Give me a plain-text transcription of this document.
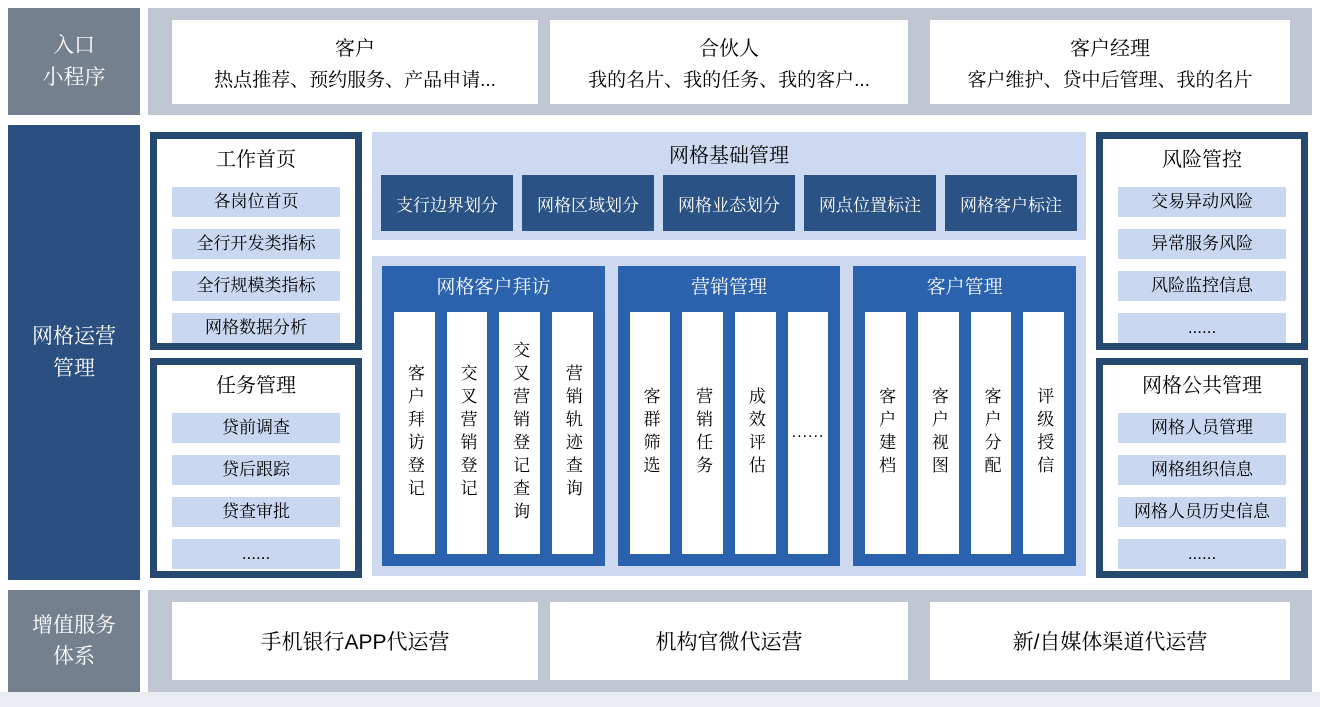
入口
小程序
客户
热点推荐、预约服务、产品申请...
合伙人
我的名片、我的任务、我的客户...
客户经理
客户维护、贷中后管理、我的名片
网格运营
管理
工作首页
各岗位首页
全行开发类指标
全行规模类指标
网格数据分析
任务管理
贷前调查
贷后跟踪
贷查审批
......
网格基础管理
支行边界划分	网格区域划分	网格业态划分	网点位置标注	网格客户标注
网格客户拜访
客户拜访登记	交叉营销登记	交叉营销登记查询	营销轨迹查询
营销管理
客群筛选	营销任务	成效评估	......
客户管理
客户建档	客户视图	客户分配	评级授信
风险管控
交易异动风险
异常服务风险
风险监控信息
......
网格公共管理
网格人员管理
网格组织信息
网格人员历史信息
......
增值服务
体系
手机银行APP代运营	机构官微代运营	新/自媒体渠道代运营
